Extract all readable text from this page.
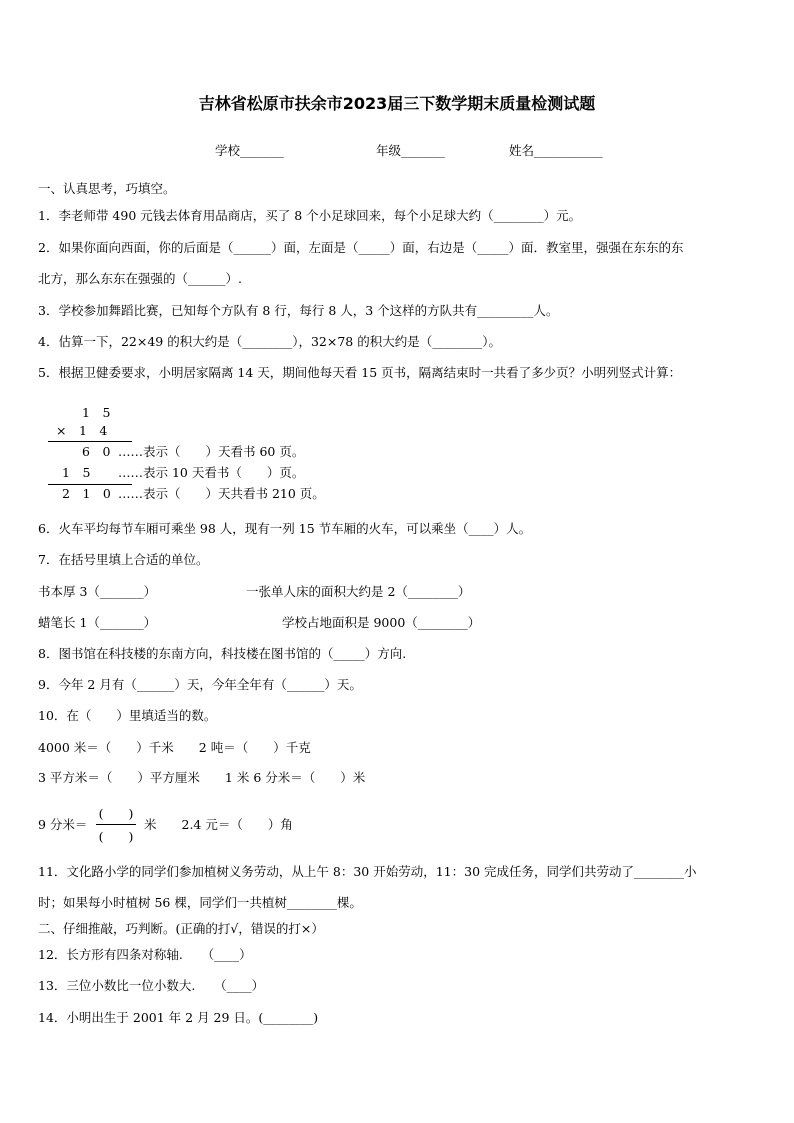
吉林省松原市扶余市2023届三下数学期末质量检测试题
学校_______	年级_______	姓名___________
一、认真思考，巧填空。
1．李老师带 490 元钱去体育用品商店，买了 8 个小足球回来，每个小足球大约（________）元。
2．如果你面向西面，你的后面是（______）面，左面是（_____）面，右边是（_____）面．教室里，强强在东东的东
北方，那么东东在强强的（______）.
3．学校参加舞蹈比赛，已知每个方队有 8 行，每行 8 人，3 个这样的方队共有_________人。
4．估算一下，22×49 的积大约是（________），32×78 的积大约是（________）。
5．根据卫健委要求，小明居家隔离 14 天，期间他每天看 15 页书，隔离结束时一共看了多少页？小明列竖式计算：
1　5
×　1　4
6　0 ……表示（　　）天看书 60 页。
1　5 ……表示 10 天看书（　　）页。
2　1　0 ……表示（　　）天共看书 210 页。
6．火车平均每节车厢可乘坐 98 人，现有一列 15 节车厢的火车，可以乘坐（____）人。
7．在括号里填上合适的单位。
书本厚 3（_______）	一张单人床的面积大约是 2（________）
蜡笔长 1（_______）	学校占地面积是 9000（________）
8．图书馆在科技楼的东南方向，科技楼在图书馆的（_____）方向.
9．今年 2 月有（______）天，今年全年有（______）天。
10．在（　　）里填适当的数。
4000 米＝（　　）千米　　2 吨＝（　　）千克
3 平方米＝（　　）平方厘米　　1 米 6 分米＝（　　）米
9 分米＝
(　　)
(　　)
米　　2.4 元＝（　　）角
11．文化路小学的同学们参加植树义务劳动，从上午 8：30 开始劳动，11：30 完成任务，同学们共劳动了________小
时；如果每小时植树 56 棵，同学们一共植树________棵。
二、仔细推敲，巧判断。(正确的打√，错误的打×）
12．长方形有四条对称轴.　　（____）
13．三位小数比一位小数大.　　（____）
14．小明出生于 2001 年 2 月 29 日。(________)
